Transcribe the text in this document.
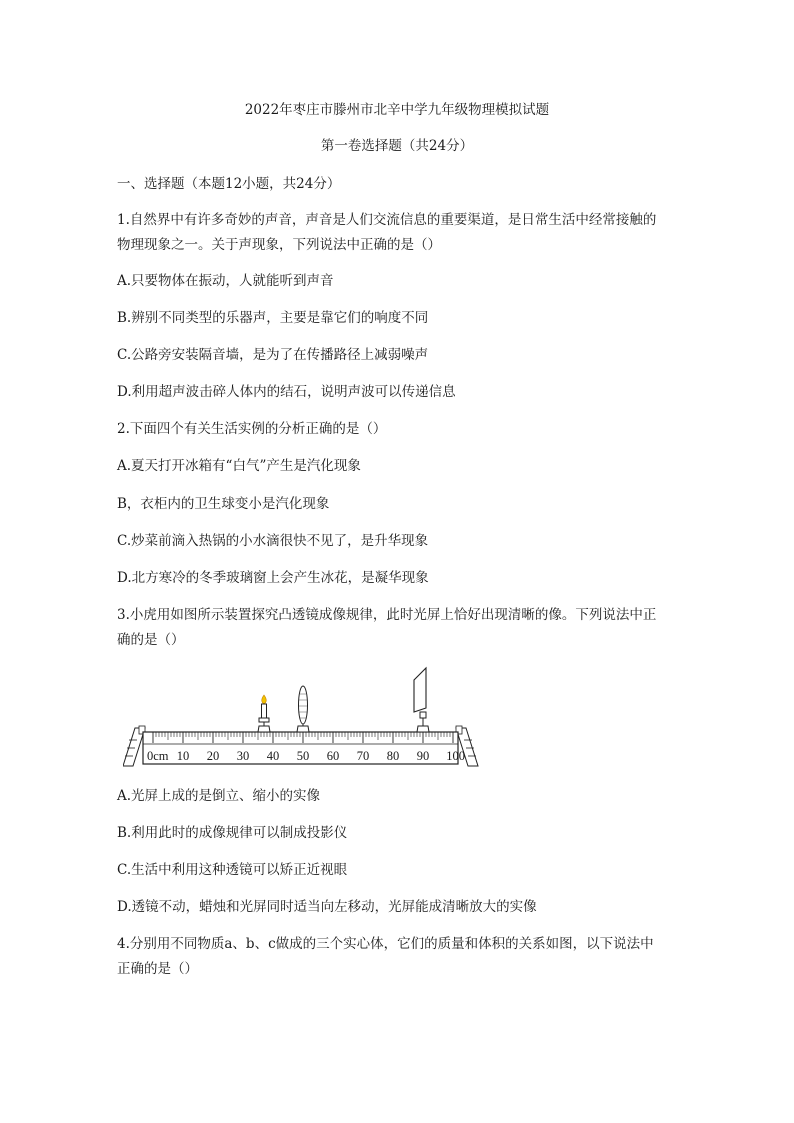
2022年枣庄市滕州市北辛中学九年级物理模拟试题
第一卷选择题（共24分）
一、选择题（本题12小题，共24分）
1.自然界中有许多奇妙的声音，声音是人们交流信息的重要渠道，是日常生活中经常接触的
物理现象之一。关于声现象，下列说法中正确的是（）
A.只要物体在振动，人就能听到声音
B.辨别不同类型的乐器声，主要是靠它们的响度不同
C.公路旁安装隔音墙，是为了在传播路径上减弱噪声
D.利用超声波击碎人体内的结石，说明声波可以传递信息
2.下面四个有关生活实例的分析正确的是（）
A.夏天打开冰箱有“白气”产生是汽化现象
B，衣柜内的卫生球变小是汽化现象
C.炒菜前滴入热锅的小水滴很快不见了，是升华现象
D.北方寒冷的冬季玻璃窗上会产生冰花，是凝华现象
3.小虎用如图所示装置探究凸透镜成像规律，此时光屏上恰好出现清晰的像。下列说法中正
确的是（）
0cm 10 20 30 40 50 60 70 80 90 100
A.光屏上成的是倒立、缩小的实像
B.利用此时的成像规律可以制成投影仪
C.生活中利用这种透镜可以矫正近视眼
D.透镜不动，蜡烛和光屏同时适当向左移动，光屏能成清晰放大的实像
4.分别用不同物质a、b、c做成的三个实心体，它们的质量和体积的关系如图，以下说法中
正确的是（）
